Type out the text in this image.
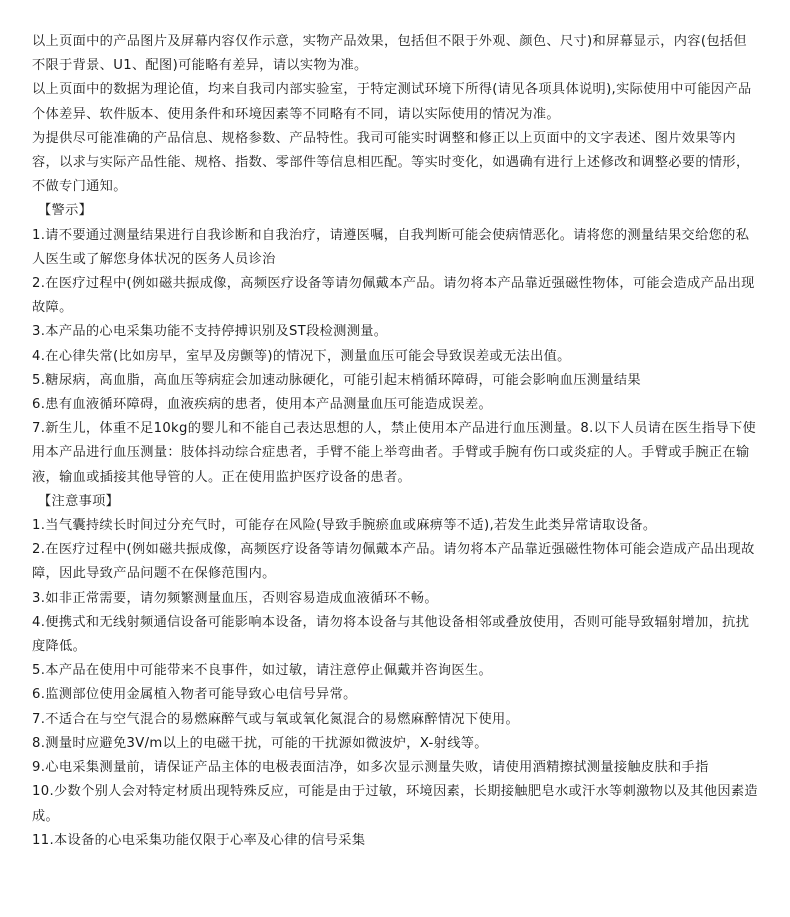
以上页面中的产品图片及屏幕内容仅作示意，实物产品效果，包括但不限于外观、颜色、尺寸)和屏幕显示，内容(包括但不限于背景、U1、配图)可能略有差异，请以实物为准。

以上页面中的数据为理论值，均来自我司内部实验室，于特定测试环境下所得(请见各项具体说明),实际使用中可能因产品个体差异、软件版本、使用条件和环境因素等不同略有不同，请以实际使用的情况为准。

为提供尽可能准确的产品信息、规格参数、产品特性。我司可能实时调整和修正以上页面中的文字表述、图片效果等内容，以求与实际产品性能、规格、指数、零部件等信息相匹配。等实时变化，如遇确有进行上述修改和调整必要的情形，不做专门通知。

【警示】

1.请不要通过测量结果进行自我诊断和自我治疗，请遵医嘱，自我判断可能会使病情恶化。请将您的测量结果交给您的私人医生或了解您身体状况的医务人员诊治

2.在医疗过程中(例如磁共振成像，高频医疗设备等请勿佩戴本产品。请勿将本产品靠近强磁性物体，可能会造成产品出现故障。

3.本产品的心电采集功能不支持停搏识别及ST段检测测量。

4.在心律失常(比如房早，室早及房颤等)的情况下，测量血压可能会导致误差或无法出值。

5.糖尿病，高血脂，高血压等病症会加速动脉硬化，可能引起末梢循环障碍，可能会影响血压测量结果

6.患有血液循环障碍，血液疾病的患者，使用本产品测量血压可能造成误差。

7.新生儿，体重不足10kg的婴儿和不能自己表达思想的人，禁止使用本产品进行血压测量。8.以下人员请在医生指导下使用本产品进行血压测量：肢体抖动综合症患者，手臂不能上举弯曲者。手臂或手腕有伤口或炎症的人。手臂或手腕正在输液，输血或插接其他导管的人。正在使用监护医疗设备的患者。

【注意事项】

1.当气囊持续长时间过分充气时，可能存在风险(导致手腕瘀血或麻痹等不适),若发生此类异常请取设备。

2.在医疗过程中(例如磁共振成像，高频医疗设备等请勿佩戴本产品。请勿将本产品靠近强磁性物体可能会造成产品出现故障，因此导致产品问题不在保修范围内。

3.如非正常需要，请勿频繁测量血压，否则容易造成血液循环不畅。

4.便携式和无线射频通信设备可能影响本设备，请勿将本设备与其他设备相邻或叠放使用，否则可能导致辐射增加，抗扰度降低。

5.本产品在使用中可能带来不良事件，如过敏，请注意停止佩戴并咨询医生。

6.监测部位使用金属植入物者可能导致心电信号异常。

7.不适合在与空气混合的易燃麻醉气或与氧或氧化氮混合的易燃麻醉情况下使用。

8.测量时应避免3V/m以上的电磁干扰，可能的干扰源如微波炉，X-射线等。

9.心电采集测量前，请保证产品主体的电极表面洁净，如多次显示测量失败，请使用酒精擦拭测量接触皮肤和手指

10.少数个别人会对特定材质出现特殊反应，可能是由于过敏，环境因素，长期接触肥皂水或汗水等刺激物以及其他因素造成。

11.本设备的心电采集功能仅限于心率及心律的信号采集
